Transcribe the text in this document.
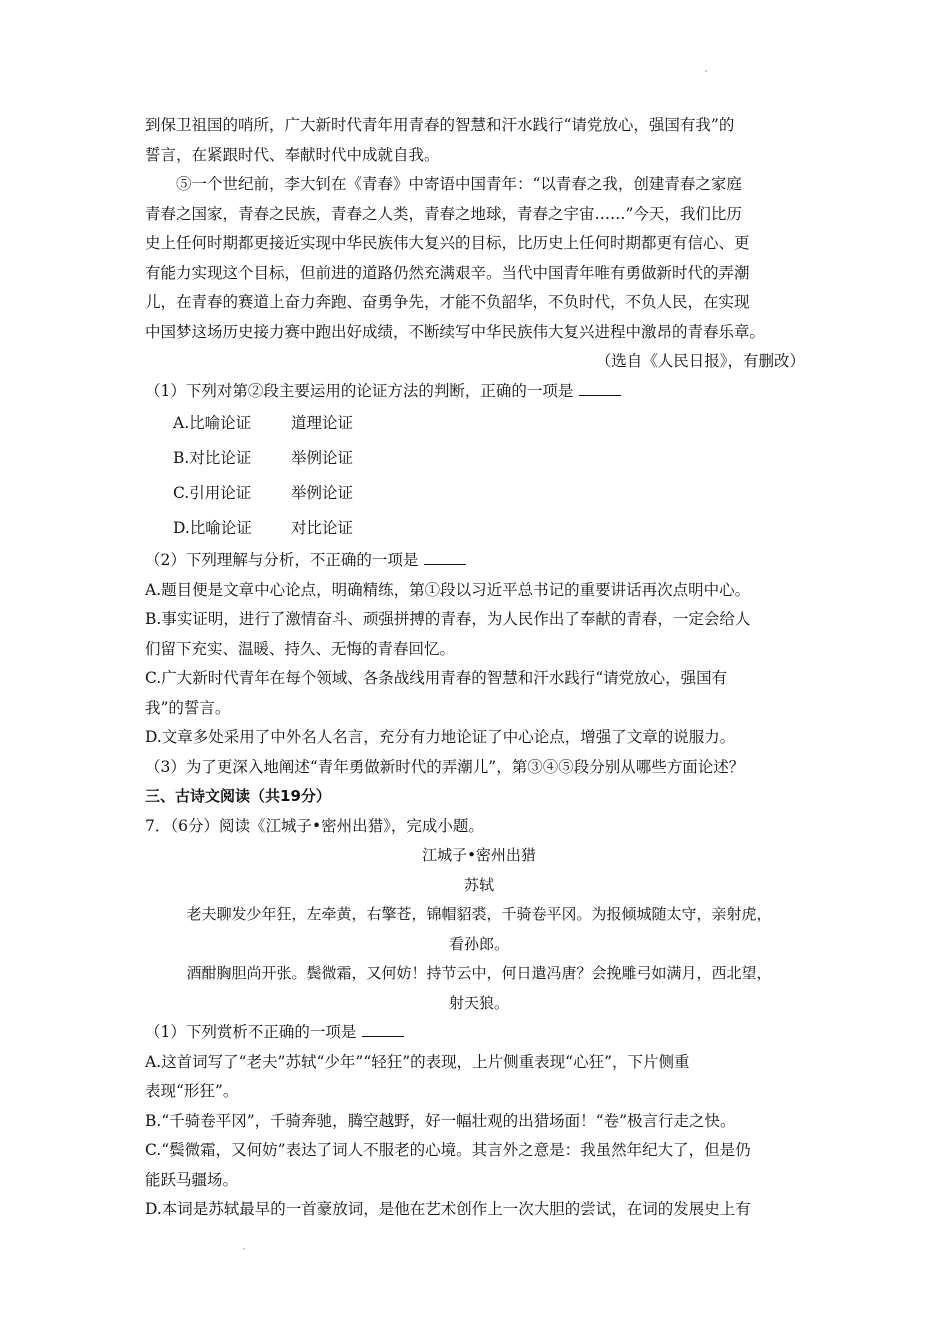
到保卫祖国的哨所，广大新时代青年用青春的智慧和汗水践行“请党放心，强国有我”的
誓言，在紧跟时代、奉献时代中成就自我。
⑤一个世纪前，李大钊在《青春》中寄语中国青年：“以青春之我，创建青春之家庭
青春之国家，青春之民族，青春之人类，青春之地球，青春之宇宙……”今天，我们比历
史上任何时期都更接近实现中华民族伟大复兴的目标，比历史上任何时期都更有信心、更
有能力实现这个目标，但前进的道路仍然充满艰辛。当代中国青年唯有勇做新时代的弄潮
儿，在青春的赛道上奋力奔跑、奋勇争先，才能不负韶华，不负时代，不负人民，在实现
中国梦这场历史接力赛中跑出好成绩，不断续写中华民族伟大复兴进程中激昂的青春乐章。
（选自《人民日报》，有删改）
（1）下列对第②段主要运用的论证方法的判断，正确的一项是
A.比喻论证	道理论证
B.对比论证	举例论证
C.引用论证	举例论证
D.比喻论证	对比论证
（2）下列理解与分析，不正确的一项是
A.题目便是文章中心论点，明确精练，第①段以习近平总书记的重要讲话再次点明中心。
B.事实证明，进行了激情奋斗、顽强拼搏的青春，为人民作出了奉献的青春，一定会给人
们留下充实、温暖、持久、无悔的青春回忆。
C.广大新时代青年在每个领域、各条战线用青春的智慧和汗水践行“请党放心，强国有
我”的誓言。
D.文章多处采用了中外名人名言，充分有力地论证了中心论点，增强了文章的说服力。
（3）为了更深入地阐述“青年勇做新时代的弄潮儿”，第③④⑤段分别从哪些方面论述？
三、古诗文阅读（共19分）
7．（6分）阅读《江城子•密州出猎》，完成小题。
江城子•密州出猎
苏轼
老夫聊发少年狂，左牵黄，右擎苍，锦帽貂裘，千骑卷平冈。为报倾城随太守，亲射虎，
看孙郎。
酒酣胸胆尚开张。鬓微霜，又何妨！持节云中，何日遣冯唐？会挽雕弓如满月，西北望，
射天狼。
（1）下列赏析不正确的一项是
A.这首词写了“老夫”苏轼“少年”“轻狂”的表现，上片侧重表现“心狂”，下片侧重
表现“形狂”。
B.“千骑卷平冈”，千骑奔驰，腾空越野，好一幅壮观的出猎场面！“卷”极言行走之快。
C.“鬓微霜，又何妨”表达了词人不服老的心境。其言外之意是：我虽然年纪大了，但是仍
能跃马疆场。
D.本词是苏轼最早的一首豪放词，是他在艺术创作上一次大胆的尝试，在词的发展史上有
